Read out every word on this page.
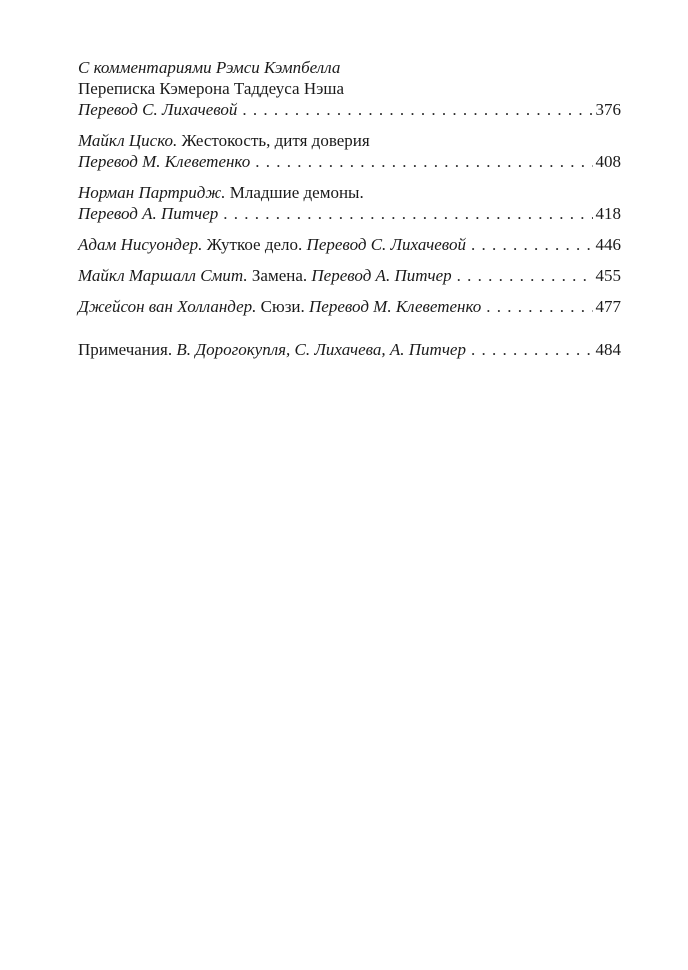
С комментариями Рэмси Кэмпбелла
Переписка Кэмерона Таддеуса Нэша
Перевод С. Лихачевой . . .	376
Майкл Циско.
Жестокость, дитя доверия
Перевод М. Клеветенко . . .	408
Норман Партридж.
Младшие демоны.
Перевод А. Питчер . . .	418
Адам Нисуондер.
Жуткое дело.
Перевод С. Лихачевой . . .	446
Майкл Маршалл Смит.
Замена.
Перевод А. Питчер . . .	455
Джейсон ван Холландер.
Сюзи.
Перевод М. Клеветенко . . .	477
Примечания.
В. Дорогокупля, С. Лихачева, А. Питчер . . .	484
